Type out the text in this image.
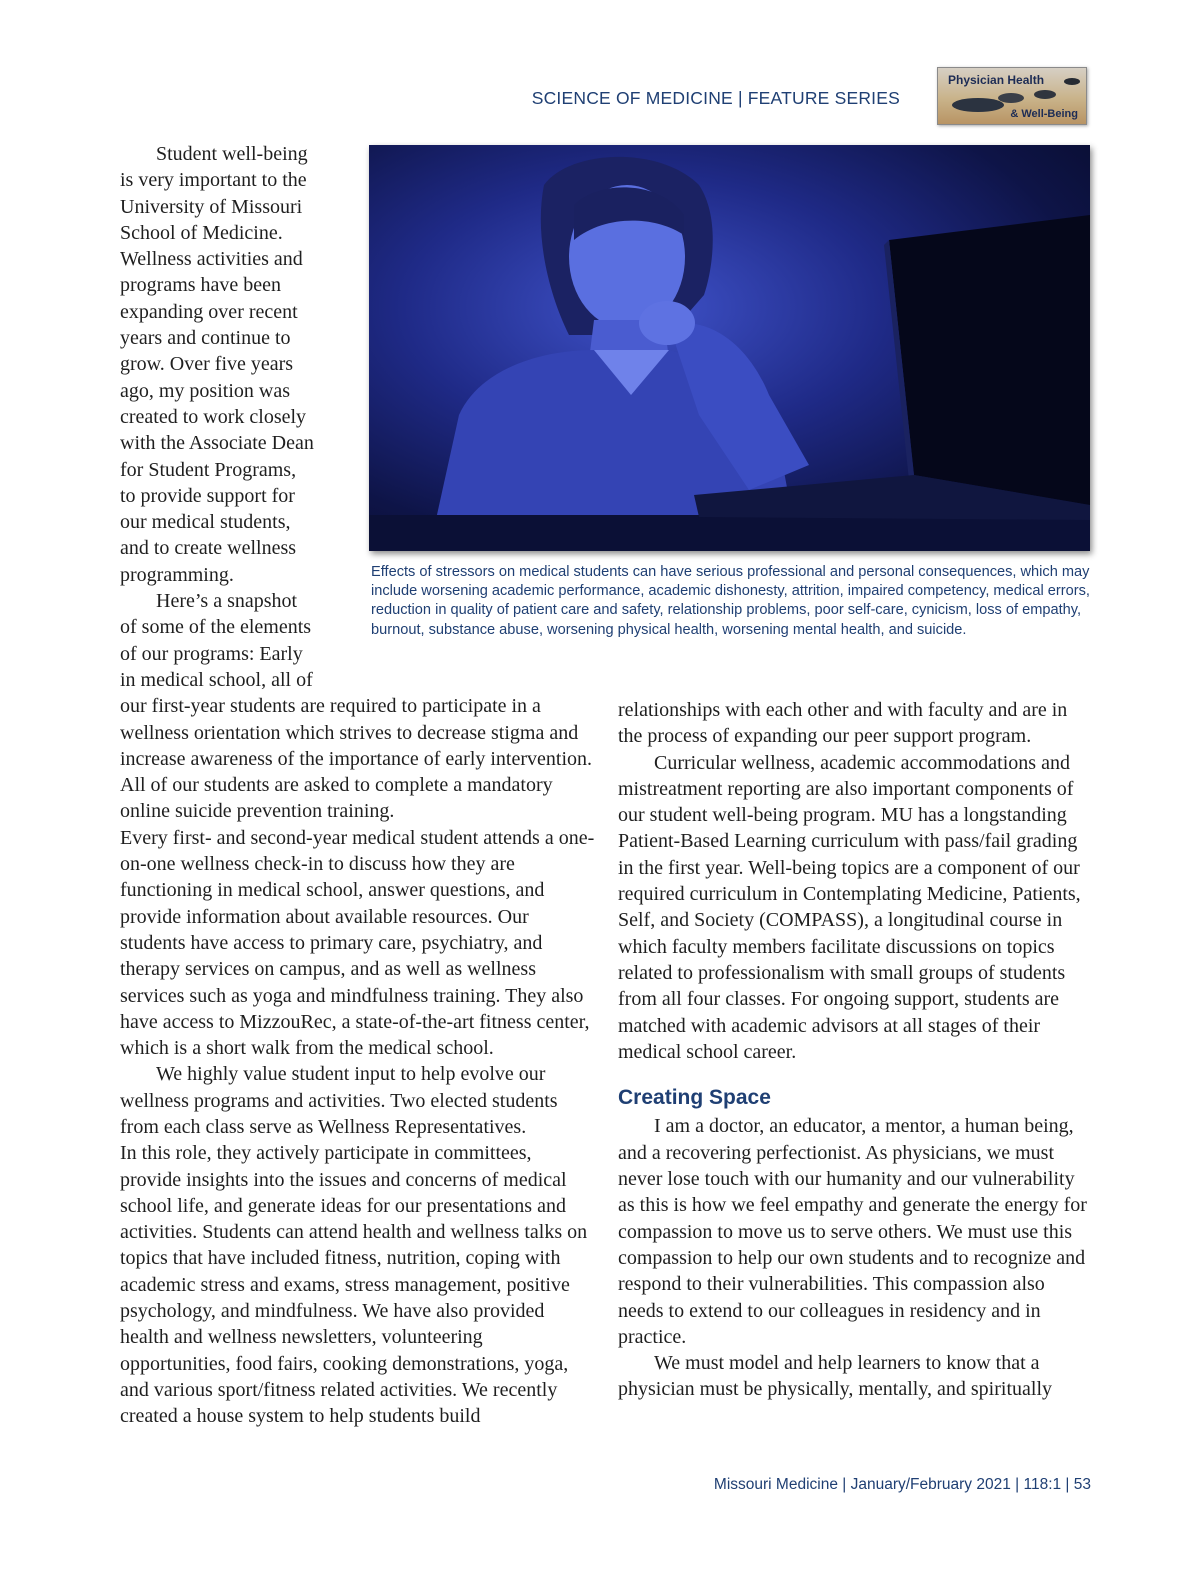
SCIENCE OF MEDICINE | FEATURE SERIES
Physician Health
& Well-Being
Effects of stressors on medical students can have serious professional and personal consequences, which may include worsening academic performance, academic dishonesty, attrition, impaired competency, medical errors, reduction in quality of patient care and safety, relationship problems, poor self-care, cynicism, loss of empathy, burnout, substance abuse, worsening physical health, worsening mental health, and suicide.
Student well-being
is very important to the
University of Missouri
School of Medicine.
Wellness activities and
programs have been
expanding over recent
years and continue to
grow. Over five years
ago, my position was
created to work closely
with the Associate Dean
for Student Programs,
to provide support for
our medical students,
and to create wellness
programming.
Here’s a snapshot
of some of the elements
of our programs: Early
in medical school, all of

our first-year students are required to participate in a wellness orientation which strives to decrease stigma and increase awareness of the importance of early intervention. All of our students are asked to complete a mandatory online suicide prevention training.

Every first- and second-year medical student attends a one-on-one wellness check-in to discuss how they are functioning in medical school, answer questions, and provide information about available resources. Our students have access to primary care, psychiatry, and therapy services on campus, and as well as wellness services such as yoga and mindfulness training. They also have access to MizzouRec, a state-of-the-art fitness center, which is a short walk from the medical school.

We highly value student input to help evolve our wellness programs and activities. Two elected students from each class serve as Wellness Representatives.

In this role, they actively participate in committees, provide insights into the issues and concerns of medical school life, and generate ideas for our presentations and activities. Students can attend health and wellness talks on topics that have included fitness, nutrition, coping with academic stress and exams, stress management, positive psychology, and mindfulness. We have also provided health and wellness newsletters, volunteering opportunities, food fairs, cooking demonstrations, yoga, and various sport/fitness related activities. We recently created a house system to help students build

relationships with each other and with faculty and are in the process of expanding our peer support program.

Curricular wellness, academic accommodations and mistreatment reporting are also important components of our student well-being program. MU has a longstanding Patient-Based Learning curriculum with pass/fail grading in the first year. Well-being topics are a component of our required curriculum in Contemplating Medicine, Patients, Self, and Society (COMPASS), a longitudinal course in which faculty members facilitate discussions on topics related to professionalism with small groups of students from all four classes. For ongoing support, students are matched with academic advisors at all stages of their medical school career.

Creating Space

I am a doctor, an educator, a mentor, a human being, and a recovering perfectionist. As physicians, we must never lose touch with our humanity and our vulnerability as this is how we feel empathy and generate the energy for compassion to move us to serve others. We must use this compassion to help our own students and to recognize and respond to their vulnerabilities. This compassion also needs to extend to our colleagues in residency and in practice.

We must model and help learners to know that a physician must be physically, mentally, and spiritually

Missouri Medicine | January/February 2021 | 118:1 | 53
